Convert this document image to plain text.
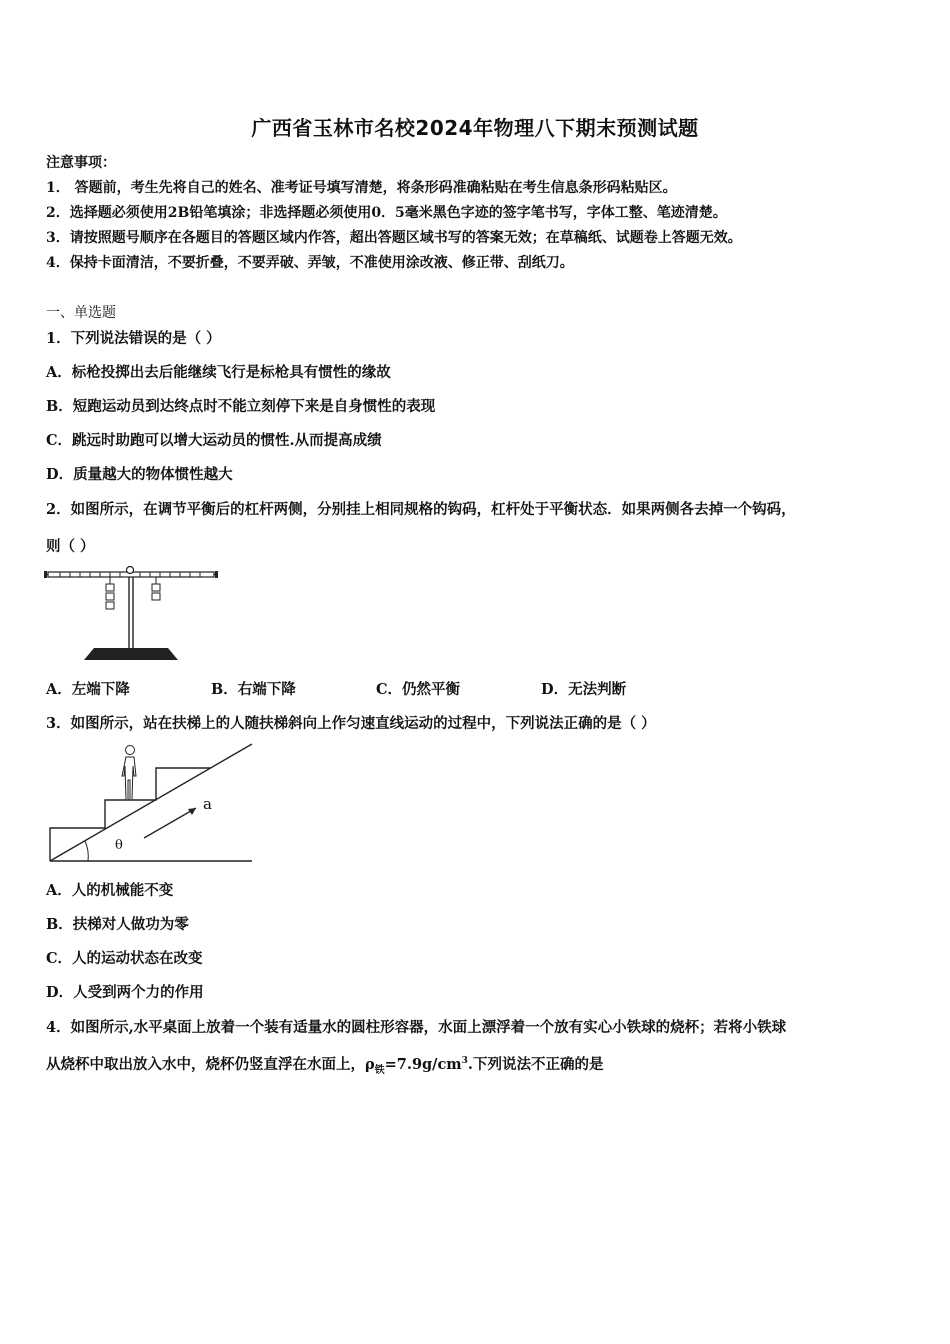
广西省玉林市名校2024年物理八下期末预测试题
注意事项：
1． 答题前，考生先将自己的姓名、准考证号填写清楚，将条形码准确粘贴在考生信息条形码粘贴区。
2．选择题必须使用2B铅笔填涂；非选择题必须使用0．5毫米黑色字迹的签字笔书写，字体工整、笔迹清楚。
3．请按照题号顺序在各题目的答题区域内作答，超出答题区域书写的答案无效；在草稿纸、试题卷上答题无效。
4．保持卡面清洁，不要折叠，不要弄破、弄皱，不准使用涂改液、修正带、刮纸刀。
一、单选题
1．下列说法错误的是（ ）
A．标枪投掷出去后能继续飞行是标枪具有惯性的缘故
B．短跑运动员到达终点时不能立刻停下来是自身惯性的表现
C．跳远时助跑可以增大运动员的惯性.从而提高成绩
D．质量越大的物体惯性越大
2．如图所示，在调节平衡后的杠杆两侧，分别挂上相同规格的钩码，杠杆处于平衡状态．如果两侧各去掉一个钩码，
则（ ）
A．左端下降	B．右端下降	C．仍然平衡	D．无法判断
3．如图所示，站在扶梯上的人随扶梯斜向上作匀速直线运动的过程中，下列说法正确的是（ ）
a
θ
A．人的机械能不变
B．扶梯对人做功为零
C．人的运动状态在改变
D．人受到两个力的作用
4．如图所示,水平桌面上放着一个装有适量水的圆柱形容器，水面上漂浮着一个放有实心小铁球的烧杯；若将小铁球
从烧杯中取出放入水中，烧杯仍竖直浮在水面上，$\rho_铁=7.9g/cm^3$.下列说法不正确的是
